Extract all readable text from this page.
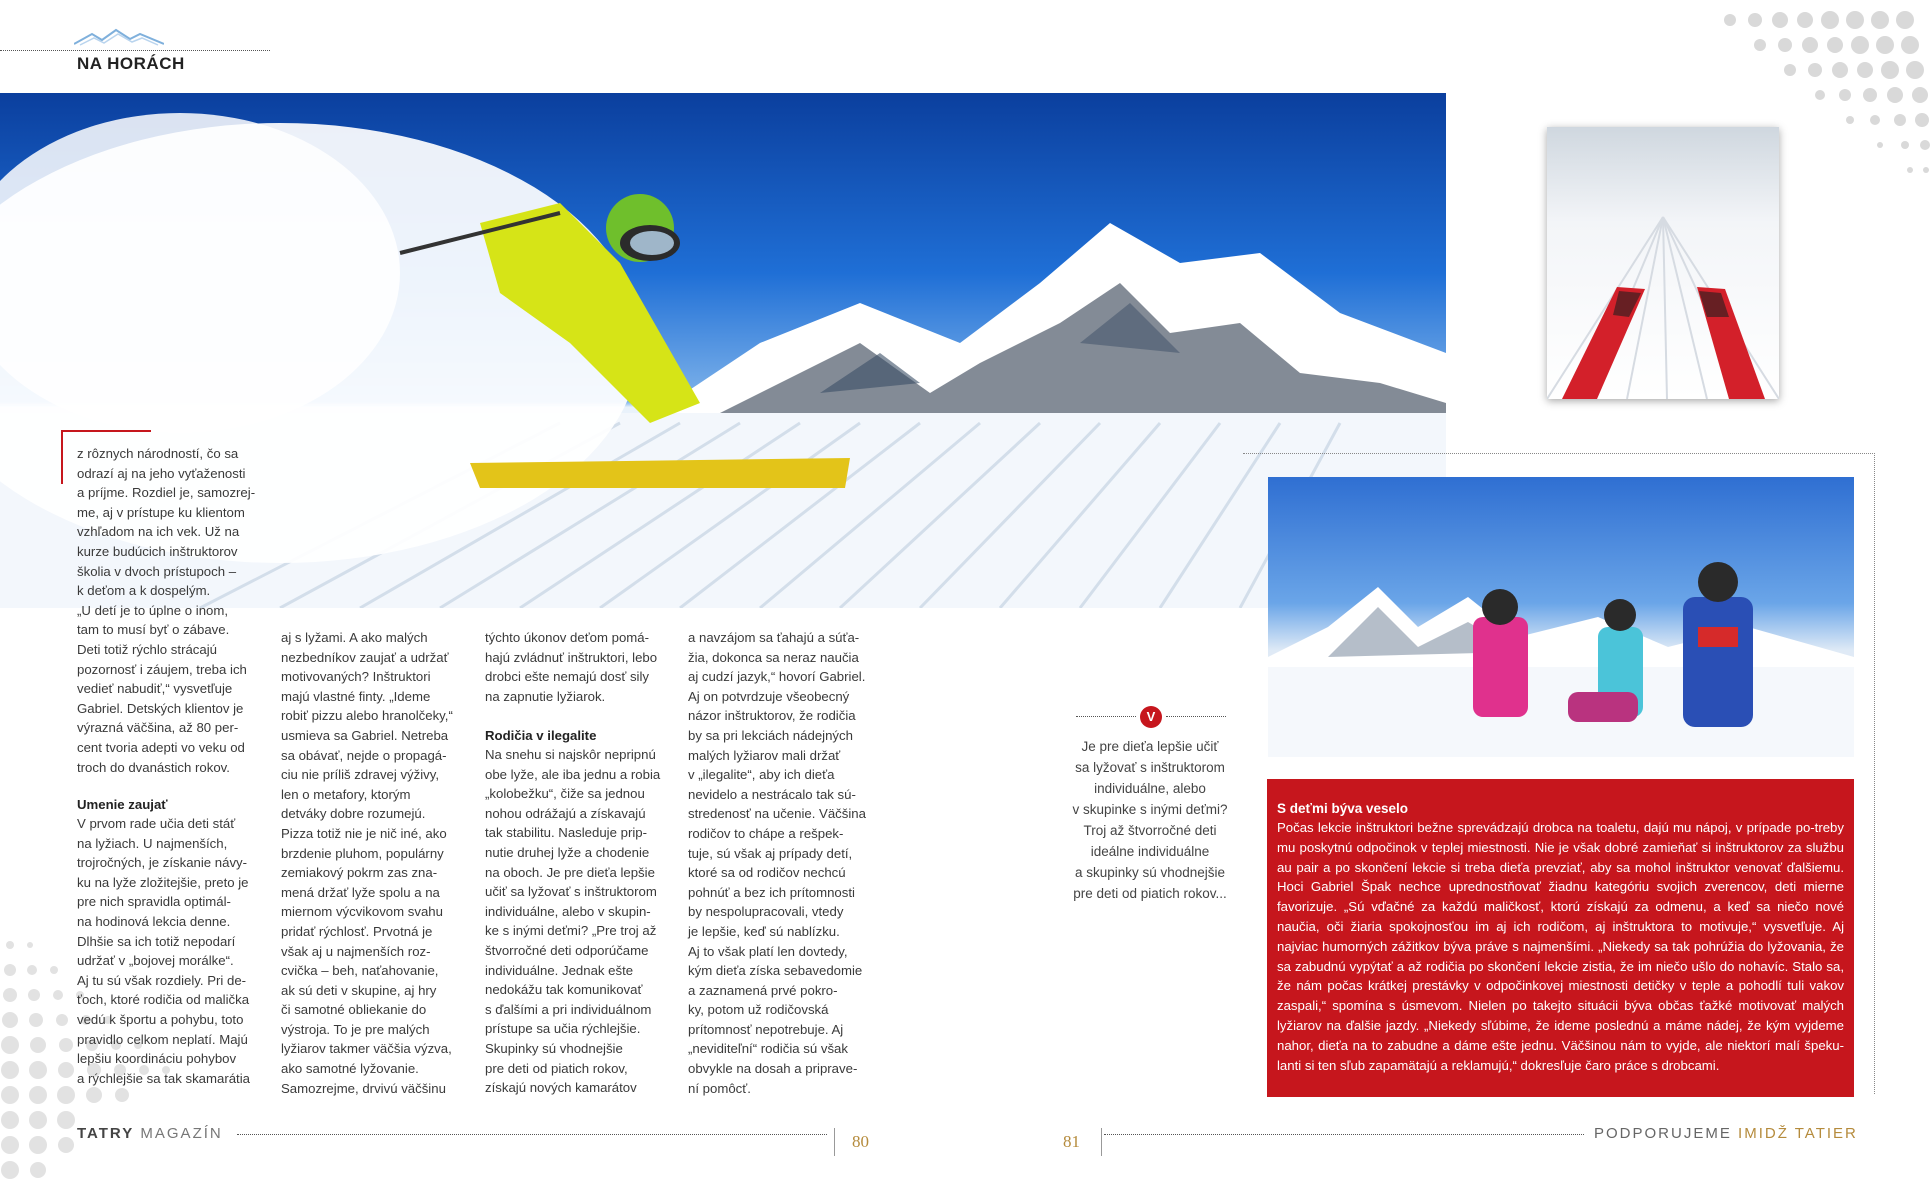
NA HORÁCH
z rôznych národností, čo sa
odrazí aj na jeho vyťaženosti
a príjme. Rozdiel je, samozrej-
me, aj v prístupe ku klientom
vzhľadom na ich vek. Už na
kurze budúcich inštruktorov
školia v dvoch prístupoch –
k deťom a k dospelým.
„U detí je to úplne o inom,
tam to musí byť o zábave.
Deti totiž rýchlo strácajú
pozornosť i záujem, treba ich
vedieť nabudiť,“ vysvetľuje
Gabriel. Detských klientov je
výrazná väčšina, až 80 per-
cent tvoria adepti vo veku od
troch do dvanástich rokov.
Umenie zaujať
V prvom rade učia deti stáť
na lyžiach. U najmenších,
trojročných, je získanie návy-
ku na lyže zložitejšie, preto je
pre nich spravidla optimál-
na hodinová lekcia denne.
Dlhšie sa ich totiž nepodarí
udržať v „bojovej morálke“.
Aj tu sú však rozdiely. Pri de-
ťoch, ktoré rodičia od malička
vedú k športu a pohybu, toto
pravidlo celkom neplatí. Majú
lepšiu koordináciu pohybov
a rýchlejšie sa tak skamarátia
aj s lyžami. A ako malých
nezbedníkov zaujať a udržať
motivovaných? Inštruktori
majú vlastné finty. „Ideme
robiť pizzu alebo hranolčeky,“
usmieva sa Gabriel. Netreba
sa obávať, nejde o propagá-
ciu nie príliš zdravej výživy,
len o metafory, ktorým
detváky dobre rozumejú.
Pizza totiž nie je nič iné, ako
brzdenie pluhom, populárny
zemiakový pokrm zas zna-
mená držať lyže spolu a na
miernom výcvikovom svahu
pridať rýchlosť. Prvotná je
však aj u najmenších roz-
cvička – beh, naťahovanie,
ak sú deti v skupine, aj hry
či samotné obliekanie do
výstroja. To je pre malých
lyžiarov takmer väčšia výzva,
ako samotné lyžovanie.
Samozrejme, drvivú väčšinu
týchto úkonov deťom pomá-
hajú zvládnuť inštruktori, lebo
drobci ešte nemajú dosť sily
na zapnutie lyžiarok.
Rodičia v ilegalite
Na snehu si najskôr nepripnú
obe lyže, ale iba jednu a robia
„kolobežku“, čiže sa jednou
nohou odrážajú a získavajú
tak stabilitu. Nasleduje prip-
nutie druhej lyže a chodenie
na oboch. Je pre dieťa lepšie
učiť sa lyžovať s inštruktorom
individuálne, alebo v skupin-
ke s inými deťmi? „Pre troj až
štvorročné deti odporúčame
individuálne. Jednak ešte
nedokážu tak komunikovať
s ďalšími a pri individuálnom
prístupe sa učia rýchlejšie.
Skupinky sú vhodnejšie
pre deti od piatich rokov,
získajú nových kamarátov
a navzájom sa ťahajú a súťa-
žia, dokonca sa neraz naučia
aj cudzí jazyk,“ hovorí Gabriel.
Aj on potvrdzuje všeobecný
názor inštruktorov, že rodičia
by sa pri lekciách nádejných
malých lyžiarov mali držať
v „ilegalite“, aby ich dieťa
nevidelo a nestrácalo tak sú-
stredenosť na učenie. Väčšina
rodičov to chápe a rešpek-
tuje, sú však aj prípady detí,
ktoré sa od rodičov nechcú
pohnúť a bez ich prítomnosti
by nespolupracovali, vtedy
je lepšie, keď sú nablízku.
Aj to však platí len dovtedy,
kým dieťa získa sebavedomie
a zaznamená prvé pokro-
ky, potom už rodičovská
prítomnosť nepotrebuje. Aj
„neviditeľní“ rodičia sú však
obvykle na dosah a priprave-
ní pomôcť.
V
Je pre dieťa lepšie učiť
sa lyžovať s inštruktorom
individuálne, alebo
v skupinke s inými deťmi?
Troj až štvorročné deti
ideálne individuálne
a skupinky sú vhodnejšie
pre deti od piatich rokov...
S deťmi býva veselo
Počas lekcie inštruktori bežne sprevádzajú drobca na toaletu, dajú mu nápoj, v prípade po-treby mu poskytnú odpočinok v teplej miestnosti. Nie je však dobré zamieňať si inštruktorov za službu au pair a po skončení lekcie si treba dieťa prevziať, aby sa mohol inštruktor venovať ďalšiemu. Hoci Gabriel Špak nechce uprednostňovať žiadnu kategóriu svojich zverencov, deti mierne favorizuje. „Sú vďačné za každú maličkosť, ktorú získajú za odmenu, a keď sa niečo nové naučia, oči žiaria spokojnosťou im aj ich rodičom, aj inštruktora to motivuje,“ vysvetľuje. Aj najviac humorných zážitkov býva práve s najmenšími. „Niekedy sa tak pohrúžia do lyžovania, že sa zabudnú vypýtať a až rodičia po skončení lekcie zistia, že im niečo ušlo do nohavíc. Stalo sa, že nám počas krátkej prestávky v odpočinkovej miestnosti detičky v teple a pohodlí tuli vakov zaspali,“ spomína s úsmevom. Nielen po takejto situácii býva občas ťažké motivovať malých lyžiarov na ďalšie jazdy. „Niekedy sľúbime, že ideme poslednú a máme nádej, že kým vyjdeme nahor, dieťa na to zabudne a dáme ešte jednu. Väčšinou nám to vyjde, ale niektorí malí špeku-lanti si ten sľub zapamätajú a reklamujú,“ dokresľuje čaro práce s drobcami.
TATRY MAGAZÍN	80	81	PODPORUJEME IMIDŽ TATIER
